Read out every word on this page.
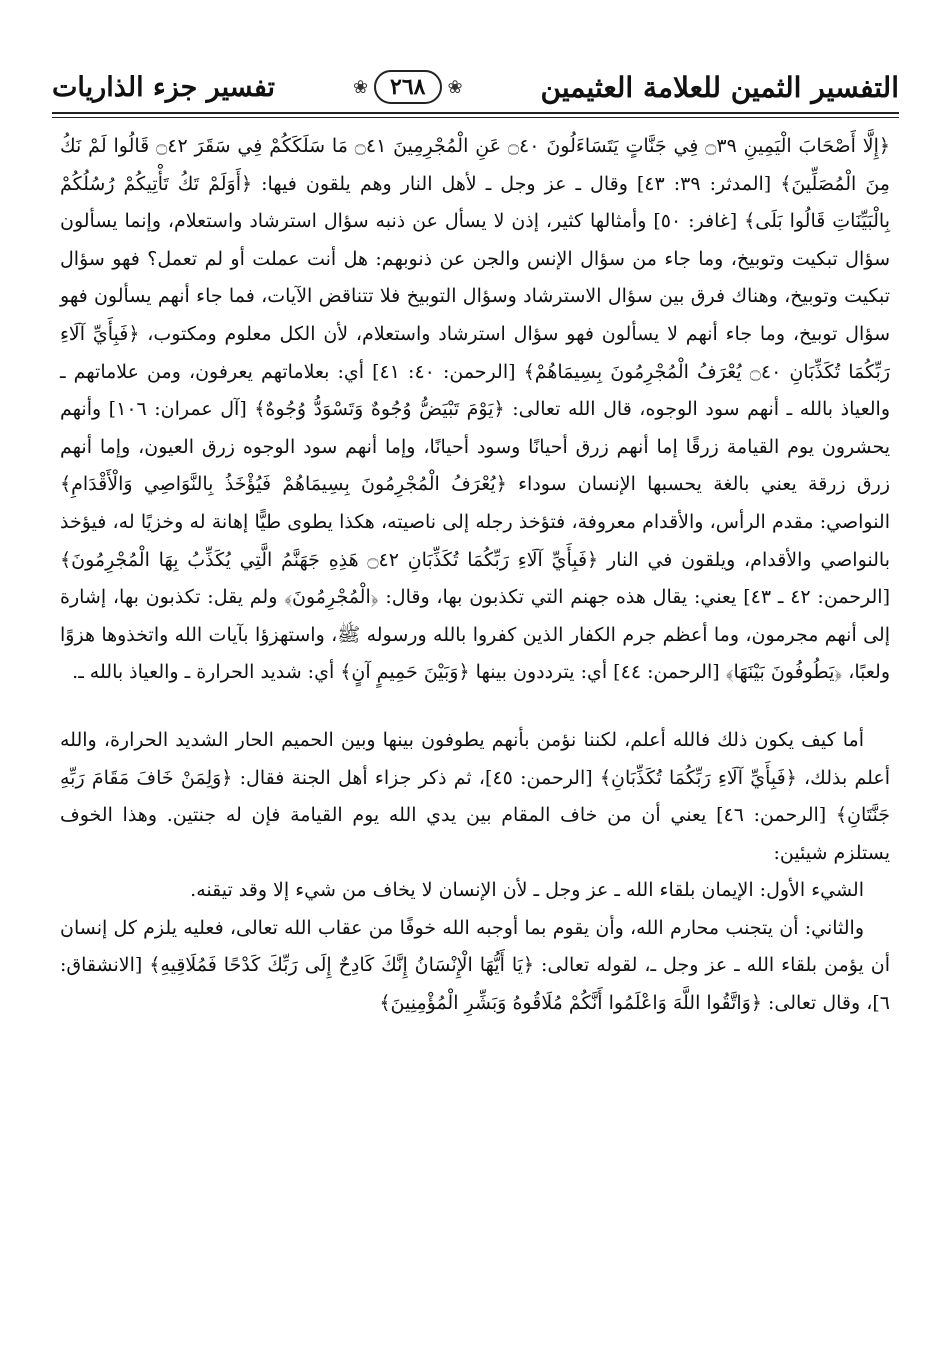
التفسير الثمين للعلامة العثيمين
❀
٢٦٨
❀
تفسير جزء الذاريات

﴿إِلَّا أَصْحَابَ الْيَمِينِ ۝٣٩ فِي جَنَّاتٍ يَتَسَاءَلُونَ ۝٤٠ عَنِ الْمُجْرِمِينَ ۝٤١ مَا سَلَكَكُمْ فِي سَقَرَ ۝٤٢ قَالُوا لَمْ نَكُ مِنَ الْمُصَلِّينَ﴾ [المدثر: ٣٩: ٤٣] وقال ـ عز وجل ـ لأهل النار وهم يلقون فيها: ﴿أَوَلَمْ تَكُ تَأْتِيكُمْ رُسُلُكُمْ بِالْبَيِّنَاتِ قَالُوا بَلَى﴾ [غافر: ٥٠] وأمثالها كثير، إذن لا يسأل عن ذنبه سؤال استرشاد واستعلام، وإنما يسألون سؤال تبكيت وتوبيخ، وما جاء من سؤال الإنس والجن عن ذنوبهم: هل أنت عملت أو لم تعمل؟ فهو سؤال تبكيت وتوبيخ، وهناك فرق بين سؤال الاسترشاد وسؤال التوبيخ فلا تتناقض الآيات، فما جاء أنهم يسألون فهو سؤال توبيخ، وما جاء أنهم لا يسألون فهو سؤال استرشاد واستعلام، لأن الكل معلوم ومكتوب، ﴿فَبِأَيِّ آلَاءِ رَبِّكُمَا تُكَذِّبَانِ ۝٤٠ يُعْرَفُ الْمُجْرِمُونَ بِسِيمَاهُمْ﴾ [الرحمن: ٤٠: ٤١] أي: بعلاماتهم يعرفون، ومن علاماتهم ـ والعياذ بالله ـ أنهم سود الوجوه، قال الله تعالى: ﴿يَوْمَ تَبْيَضُّ وُجُوهٌ وَتَسْوَدُّ وُجُوهٌ﴾ [آل عمران: ١٠٦] وأنهم يحشرون يوم القيامة زرقًا إما أنهم زرق أحيانًا وسود أحيانًا، وإما أنهم سود الوجوه زرق العيون، وإما أنهم زرق زرقة يعني بالغة يحسبها الإنسان سوداء ﴿يُعْرَفُ الْمُجْرِمُونَ بِسِيمَاهُمْ فَيُؤْخَذُ بِالنَّوَاصِي وَالْأَقْدَامِ﴾ النواصي: مقدم الرأس، والأقدام معروفة، فتؤخذ رجله إلى ناصيته، هكذا يطوى طيًّا إهانة له وخزيًا له، فيؤخذ بالنواصي والأقدام، ويلقون في النار ﴿فَبِأَيِّ آلَاءِ رَبِّكُمَا تُكَذِّبَانِ ۝٤٢ هَذِهِ جَهَنَّمُ الَّتِي يُكَذِّبُ بِهَا الْمُجْرِمُونَ﴾ [الرحمن: ٤٢ ـ ٤٣] يعني: يقال هذه جهنم التي تكذبون بها، وقال: ﴿الْمُجْرِمُونَ﴾ ولم يقل: تكذبون بها، إشارة إلى أنهم مجرمون، وما أعظم جرم الكفار الذين كفروا بالله ورسوله ﷺ، واستهزؤا بآيات الله واتخذوها هزوًا ولعبًا، ﴿يَطُوفُونَ بَيْنَهَا﴾ [الرحمن: ٤٤] أي: يترددون بينها ﴿وَبَيْنَ حَمِيمٍ آنٍ﴾ أي: شديد الحرارة ـ والعياذ بالله ـ.

أما كيف يكون ذلك فالله أعلم، لكننا نؤمن بأنهم يطوفون بينها وبين الحميم الحار الشديد الحرارة، والله أعلم بذلك، ﴿فَبِأَيِّ آلَاءِ رَبِّكُمَا تُكَذِّبَانِ﴾ [الرحمن: ٤٥]، ثم ذكر جزاء أهل الجنة فقال: ﴿وَلِمَنْ خَافَ مَقَامَ رَبِّهِ جَنَّتَانِ﴾ [الرحمن: ٤٦] يعني أن من خاف المقام بين يدي الله يوم القيامة فإن له جنتين. وهذا الخوف يستلزم شيئين:

الشيء الأول: الإيمان بلقاء الله ـ عز وجل ـ لأن الإنسان لا يخاف من شيء إلا وقد تيقنه.

والثاني: أن يتجنب محارم الله، وأن يقوم بما أوجبه الله خوفًا من عقاب الله تعالى، فعليه يلزم كل إنسان أن يؤمن بلقاء الله ـ عز وجل ـ، لقوله تعالى: ﴿يَا أَيُّهَا الْإِنْسَانُ إِنَّكَ كَادِحٌ إِلَى رَبِّكَ كَدْحًا فَمُلَاقِيهِ﴾ [الانشقاق: ٦]، وقال تعالى: ﴿وَاتَّقُوا اللَّهَ وَاعْلَمُوا أَنَّكُمْ مُلَاقُوهُ وَبَشِّرِ الْمُؤْمِنِينَ﴾
